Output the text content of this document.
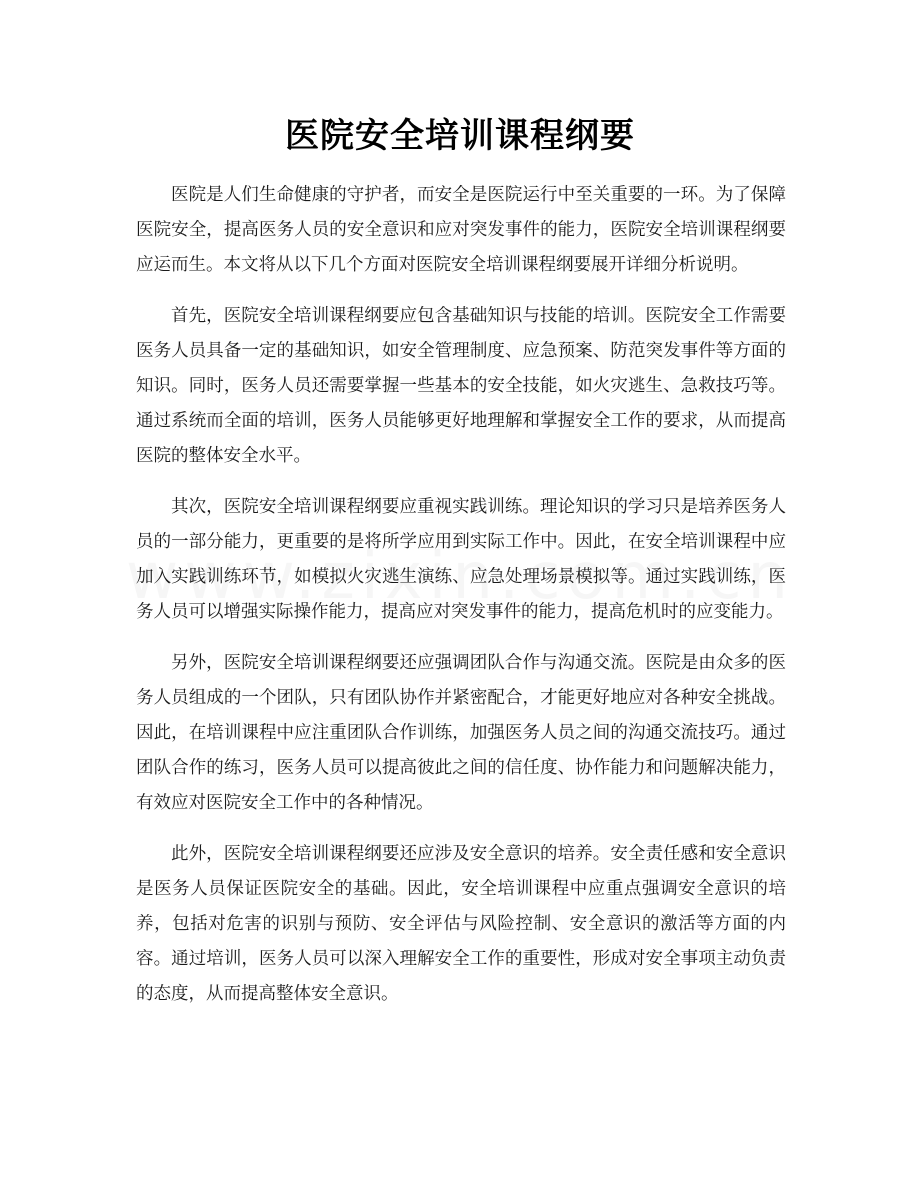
医院安全培训课程纲要

医院是人们生命健康的守护者，而安全是医院运行中至关重要的一环。为了保障医院安全，提高医务人员的安全意识和应对突发事件的能力，医院安全培训课程纲要应运而生。本文将从以下几个方面对医院安全培训课程纲要展开详细分析说明。

首先，医院安全培训课程纲要应包含基础知识与技能的培训。医院安全工作需要医务人员具备一定的基础知识，如安全管理制度、应急预案、防范突发事件等方面的知识。同时，医务人员还需要掌握一些基本的安全技能，如火灾逃生、急救技巧等。通过系统而全面的培训，医务人员能够更好地理解和掌握安全工作的要求，从而提高医院的整体安全水平。

其次，医院安全培训课程纲要应重视实践训练。理论知识的学习只是培养医务人员的一部分能力，更重要的是将所学应用到实际工作中。因此，在安全培训课程中应加入实践训练环节，如模拟火灾逃生演练、应急处理场景模拟等。通过实践训练，医务人员可以增强实际操作能力，提高应对突发事件的能力，提高危机时的应变能力。

另外，医院安全培训课程纲要还应强调团队合作与沟通交流。医院是由众多的医务人员组成的一个团队，只有团队协作并紧密配合，才能更好地应对各种安全挑战。因此，在培训课程中应注重团队合作训练，加强医务人员之间的沟通交流技巧。通过团队合作的练习，医务人员可以提高彼此之间的信任度、协作能力和问题解决能力，有效应对医院安全工作中的各种情况。

此外，医院安全培训课程纲要还应涉及安全意识的培养。安全责任感和安全意识是医务人员保证医院安全的基础。因此，安全培训课程中应重点强调安全意识的培养，包括对危害的识别与预防、安全评估与风险控制、安全意识的激活等方面的内容。通过培训，医务人员可以深入理解安全工作的重要性，形成对安全事项主动负责的态度，从而提高整体安全意识。
